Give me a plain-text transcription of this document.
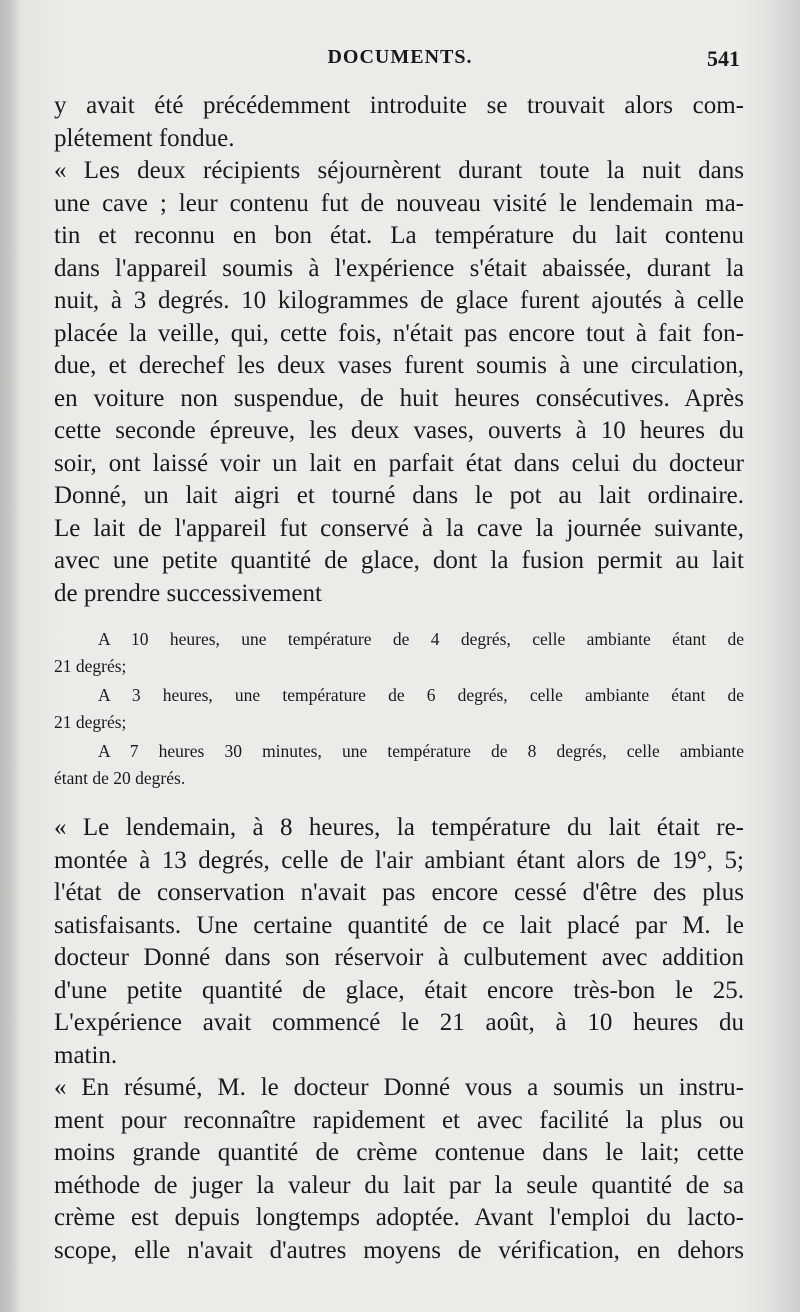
DOCUMENTS.	541

y avait été précédemment introduite se trouvait alors com-
plétement fondue.

« Les deux récipients séjournèrent durant toute la nuit dans
une cave ; leur contenu fut de nouveau visité le lendemain ma-
tin et reconnu en bon état. La température du lait contenu
dans l'appareil soumis à l'expérience s'était abaissée, durant la
nuit, à 3 degrés. 10 kilogrammes de glace furent ajoutés à celle
placée la veille, qui, cette fois, n'était pas encore tout à fait fon-
due, et derechef les deux vases furent soumis à une circulation,
en voiture non suspendue, de huit heures consécutives. Après
cette seconde épreuve, les deux vases, ouverts à 10 heures du
soir, ont laissé voir un lait en parfait état dans celui du docteur
Donné, un lait aigri et tourné dans le pot au lait ordinaire.
Le lait de l'appareil fut conservé à la cave la journée suivante,
avec une petite quantité de glace, dont la fusion permit au lait
de prendre successivement

A 10 heures, une température de 4 degrés, celle ambiante étant de
21 degrés;
A 3 heures, une température de 6 degrés, celle ambiante étant de
21 degrés;
A 7 heures 30 minutes, une température de 8 degrés, celle ambiante
étant de 20 degrés.

« Le lendemain, à 8 heures, la température du lait était re-
montée à 13 degrés, celle de l'air ambiant étant alors de 19°, 5;
l'état de conservation n'avait pas encore cessé d'être des plus
satisfaisants. Une certaine quantité de ce lait placé par M. le
docteur Donné dans son réservoir à culbutement avec addition
d'une petite quantité de glace, était encore très-bon le 25.
L'expérience avait commencé le 21 août, à 10 heures du
matin.

« En résumé, M. le docteur Donné vous a soumis un instru-
ment pour reconnaître rapidement et avec facilité la plus ou
moins grande quantité de crème contenue dans le lait; cette
méthode de juger la valeur du lait par la seule quantité de sa
crème est depuis longtemps adoptée. Avant l'emploi du lacto-
scope, elle n'avait d'autres moyens de vérification, en dehors
